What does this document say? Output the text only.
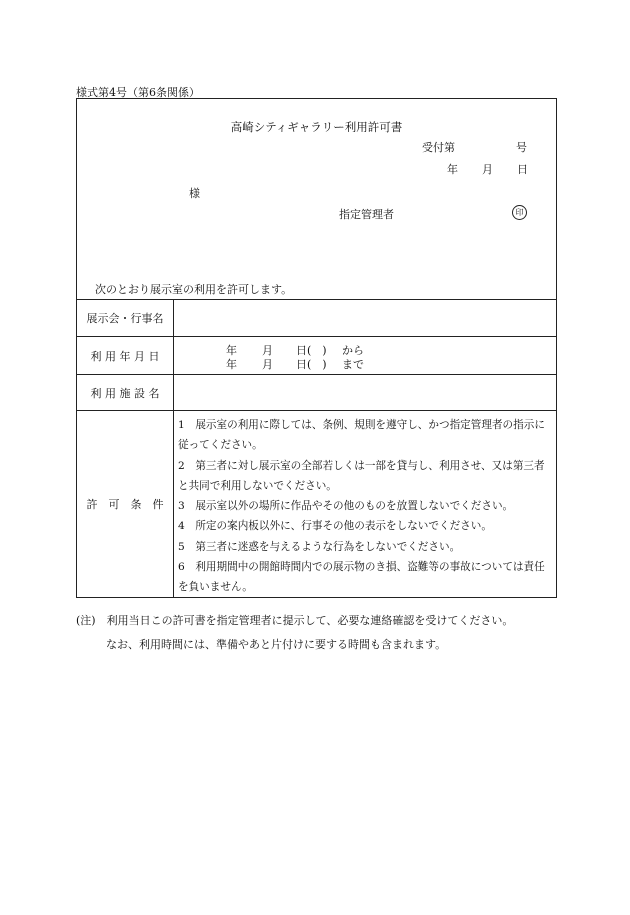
様式第4号（第6条関係）
高崎シティギャラリー利用許可書
受付第	号
年 月 日
様
指定管理者	印
次のとおり展示室の利用を許可します。
展示会・行事名
利 用 年 月 日	年 月 日(　) から
年 月 日(　) まで
利 用 施 設 名
許　可　条　件
1　展示室の利用に際しては、条例、規則を遵守し、かつ指定管理者の指示に従ってください。
2　第三者に対し展示室の全部若しくは一部を貸与し、利用させ、又は第三者と共同で利用しないでください。
3　展示室以外の場所に作品やその他のものを放置しないでください。
4　所定の案内板以外に、行事その他の表示をしないでください。
5　第三者に迷惑を与えるような行為をしないでください。
6　利用期間中の開館時間内での展示物のき損、盗難等の事故については責任を負いません。
(注)　利用当日この許可書を指定管理者に提示して、必要な連絡確認を受けてください。
なお、利用時間には、準備やあと片付けに要する時間も含まれます。
